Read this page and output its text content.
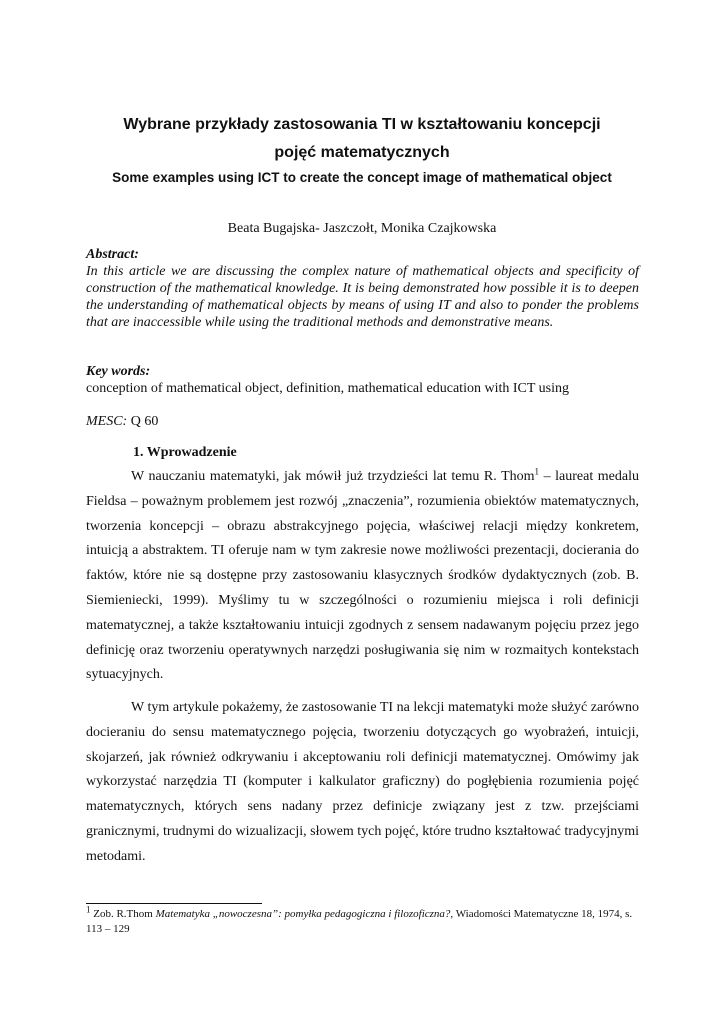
Wybrane przykłady zastosowania TI w kształtowaniu koncepcji
pojęć matematycznych
Some examples using ICT to create the concept image of mathematical object
Beata Bugajska- Jaszczołt, Monika Czajkowska
Abstract:
In this article we are discussing the complex nature of mathematical objects and specificity of construction of the mathematical knowledge. It is being demonstrated how possible it is to deepen the understanding of mathematical objects by means of using IT and also to ponder the problems that are inaccessible while using the traditional methods and demonstrative means.
Key words:
conception of mathematical object, definition, mathematical education with ICT using
MESC: Q 60
1. Wprowadzenie
W nauczaniu matematyki, jak mówił już trzydzieści lat temu R. Thom$^1$ – laureat medalu Fieldsa – poważnym problemem jest rozwój „znaczenia”, rozumienia obiektów matematycznych, tworzenia koncepcji – obrazu abstrakcyjnego pojęcia, właściwej relacji między konkretem, intuicją a abstraktem. TI oferuje nam w tym zakresie nowe możliwości prezentacji, docierania do faktów, które nie są dostępne przy zastosowaniu klasycznych środków dydaktycznych (zob. B. Siemieniecki, 1999). Myślimy tu w szczególności o rozumieniu miejsca i roli definicji matematycznej, a także kształtowaniu intuicji zgodnych z sensem nadawanym pojęciu przez jego definicję oraz tworzeniu operatywnych narzędzi posługiwania się nim w rozmaitych kontekstach sytuacyjnych.
W tym artykule pokażemy, że zastosowanie TI na lekcji matematyki może służyć zarówno docieraniu do sensu matematycznego pojęcia, tworzeniu dotyczących go wyobrażeń, intuicji, skojarzeń, jak również odkrywaniu i akceptowaniu roli definicji matematycznej. Omówimy jak wykorzystać narzędzia TI (komputer i kalkulator graficzny) do pogłębienia rozumienia pojęć matematycznych, których sens nadany przez definicje związany jest z tzw. przejściami granicznymi, trudnymi do wizualizacji, słowem tych pojęć, które trudno kształtować tradycyjnymi metodami.
$^1$ Zob. R.Thom Matematyka „nowoczesna”: pomyłka pedagogiczna i filozoficzna?, Wiadomości Matematyczne 18, 1974, s. 113 – 129
